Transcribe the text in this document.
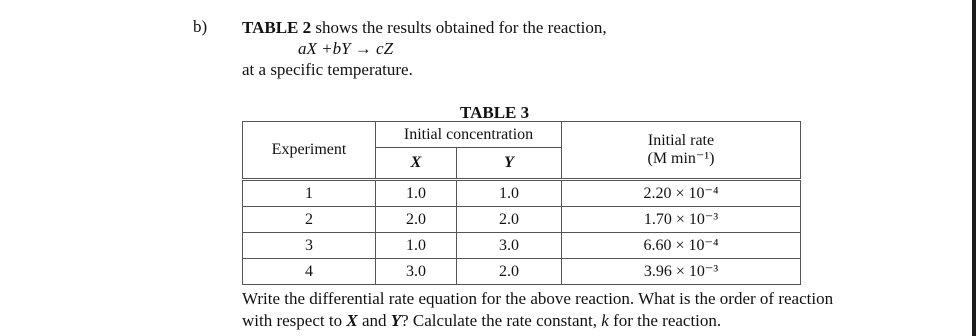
b) TABLE 2 shows the results obtained for the reaction,
aX +bY → cZ
at a specific temperature.
TABLE 3
Experiment	Initial concentration		Initial rate
(M min⁻¹)

	X	Y	
1	1.0	1.0	2.20 × 10⁻⁴
2	2.0	2.0	1.70 × 10⁻³
3	1.0	3.0	6.60 × 10⁻⁴
4	3.0	2.0	3.96 × 10⁻³
Write the differential rate equation for the above reaction. What is the order of reaction
with respect to X and Y? Calculate the rate constant, k for the reaction.
